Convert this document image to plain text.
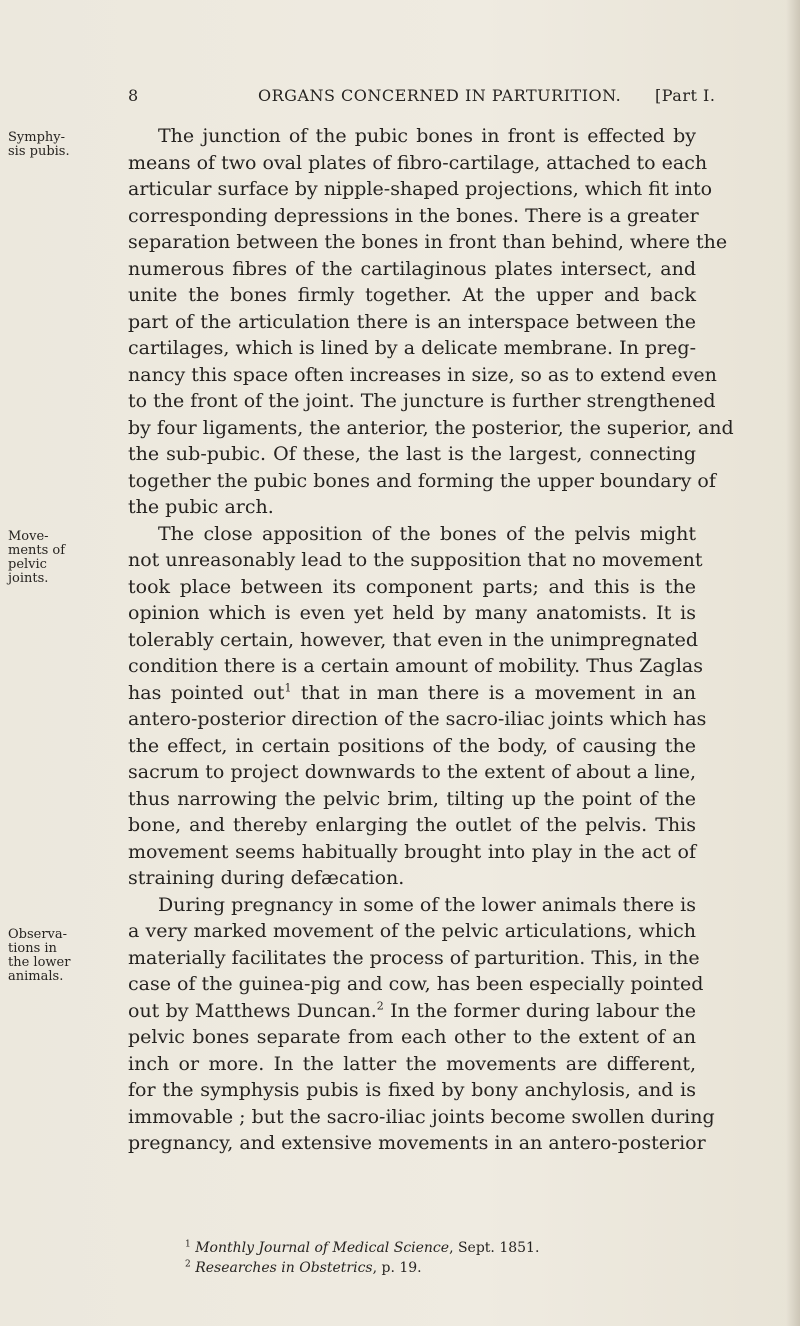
8	ORGANS CONCERNED IN PARTURITION. [Part I.
Symphy-
sis pubis.
Move-
ments of
pelvic
joints.
Observa-
tions in
the lower
animals.
The junction of the pubic bones in front is effected by
means of two oval plates of fibro-cartilage, attached to each
articular surface by nipple-shaped projections, which fit into
corresponding depressions in the bones. There is a greater
separation between the bones in front than behind, where the
numerous fibres of the cartilaginous plates intersect, and
unite the bones firmly together. At the upper and back
part of the articulation there is an interspace between the
cartilages, which is lined by a delicate membrane. In preg-
nancy this space often increases in size, so as to extend even
to the front of the joint. The juncture is further strengthened
by four ligaments, the anterior, the posterior, the superior, and
the sub-pubic. Of these, the last is the largest, connecting
together the pubic bones and forming the upper boundary of
the pubic arch.
The close apposition of the bones of the pelvis might
not unreasonably lead to the supposition that no movement
took place between its component parts; and this is the
opinion which is even yet held by many anatomists. It is
tolerably certain, however, that even in the unimpregnated
condition there is a certain amount of mobility. Thus Zaglas
has pointed out$^1$ that in man there is a movement in an
antero-posterior direction of the sacro-iliac joints which has
the effect, in certain positions of the body, of causing the
sacrum to project downwards to the extent of about a line,
thus narrowing the pelvic brim, tilting up the point of the
bone, and thereby enlarging the outlet of the pelvis. This
movement seems habitually brought into play in the act of
straining during defæcation.
During pregnancy in some of the lower animals there is
a very marked movement of the pelvic articulations, which
materially facilitates the process of parturition. This, in the
case of the guinea-pig and cow, has been especially pointed
out by Matthews Duncan.$^2$ In the former during labour the
pelvic bones separate from each other to the extent of an
inch or more. In the latter the movements are different,
for the symphysis pubis is fixed by bony anchylosis, and is
immovable ; but the sacro-iliac joints become swollen during
pregnancy, and extensive movements in an antero-posterior
$^1$ Monthly Journal of Medical Science, Sept. 1851.
$^2$ Researches in Obstetrics, p. 19.
